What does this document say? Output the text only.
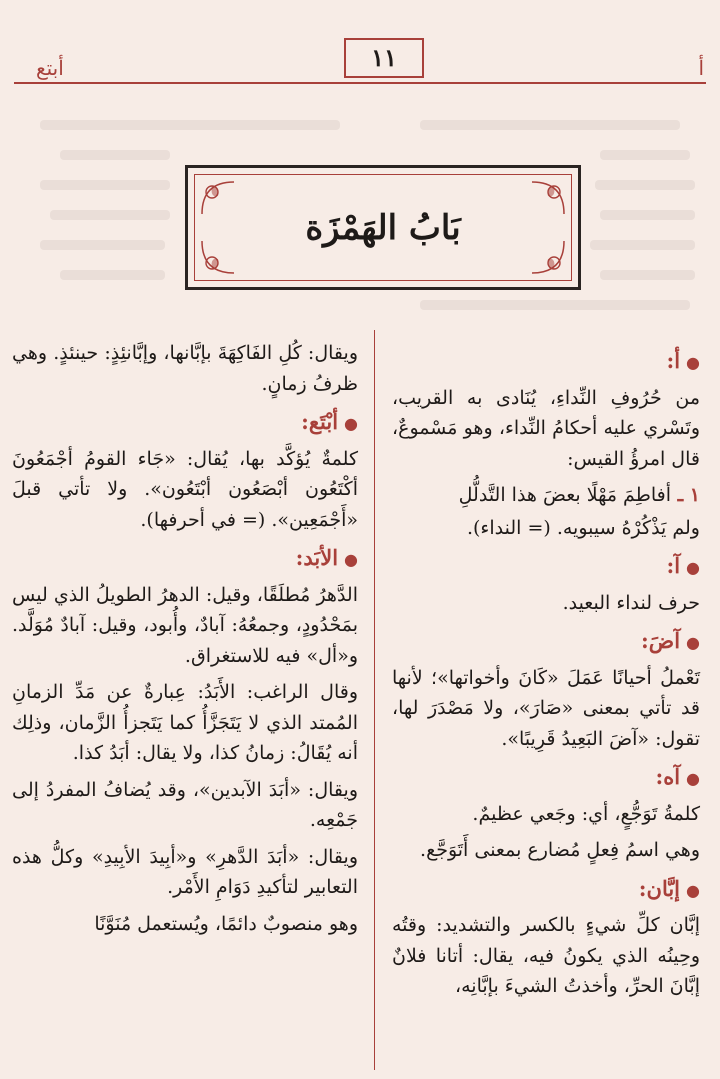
أبتع	أ
١١
بَابُ الهَمْزَة
●أ:

من حُرُوفِ النِّداءِ، يُنَادى به القريب، وتَسْري عليه أحكامُ النِّداء، وهو مَسْموعٌ، قال امرؤُ القيس:

١ ـ أفاطِمَ مَهْلًا بعضَ هذا التَّدلُّلِ

ولم يَذْكُرْهُ سيبويه. (= النداء).

●آ:

حرف لنداء البعيد.

●آضَ:

تَعْملُ أحيانًا عَمَلَ «كَانَ وأخواتها»؛ لأنها قد تأتي بمعنى «صَارَ»، ولا مَصْدَرَ لها، تقول: «آضَ البَعِيدُ قَرِيبًا».

●آه:

كلمةُ تَوَجُّعٍ، أي: وجَعي عظيمٌ.

وهي اسمُ فِعلٍ مُضارع بمعنى أَتَوَجَّع.

●إبَّان:

إبَّان كلِّ شيءٍ بالكسر والتشديد: وقتُه وحِينُه الذي يكونُ فيه، يقال: أتانا فلانٌ إبَّانَ الحرِّ، وأخذتُ الشيءَ بإبَّانِه،

ويقال: كُلِ الفَاكِهَةَ بإبَّانها، وإبَّانئِذٍ: حينئذٍ. وهي ظرفُ زمانٍ.

●أبْتَع:

كلمةٌ يُؤكَّد بها، يُقال: «جَاء القومُ أجْمَعُونَ أكْتَعُون أبْصَعُون أبْتَعُون». ولا تأتي قبلَ «أَجْمَعِين». (= في أحرفها).

●الأبَد:

الدَّهرُ مُطلَقًا، وقيل: الدهرُ الطويلُ الذي ليس بمَحْدُودٍ، وجمعُهُ: آبادٌ، وأُبود، وقيل: آبادٌ مُوَلَّد. و«أل» فيه للاستغراق.

وقال الراغب: الأَبَدُ: عِبارةٌ عن مَدِّ الزمانِ المُمتد الذي لا يَتَجَزَّأُ كما يَتَجزأُ الزَّمان، وذلِك أنه يُقَالُ: زمانُ كذا، ولا يقال: أبَدُ كذا.

ويقال: «أبَدَ الآبدين»، وقد يُضافُ المفردُ إلى جَمْعِه.

ويقال: «أبَدَ الدَّهرِ» و«أبِيدَ الأبِيدِ» وكلُّ هذه التعابير لتأكيدِ دَوَامِ الأَمْر.

وهو منصوبٌ دائمًا، ويُستعمل مُنَوَّنًا
